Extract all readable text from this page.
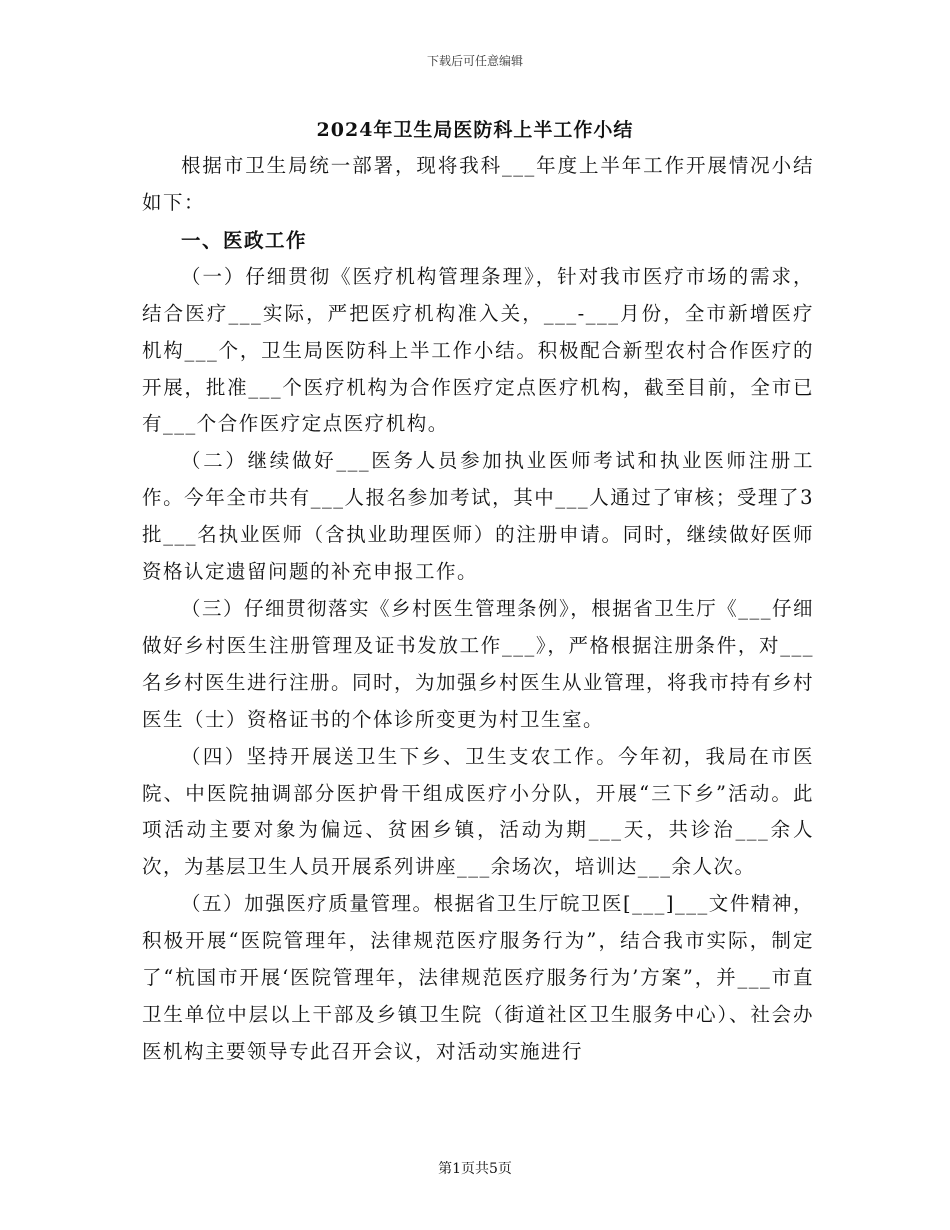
下载后可任意编辑
2024年卫生局医防科上半工作小结

根据市卫生局统一部署，现将我科___年度上半年工作开展情况小结如下：

一、医政工作

（一）仔细贯彻《医疗机构管理条理》，针对我市医疗市场的需求，结合医疗___实际，严把医疗机构准入关，___-___月份，全市新增医疗机构___个，卫生局医防科上半工作小结。积极配合新型农村合作医疗的开展，批准___个医疗机构为合作医疗定点医疗机构，截至目前，全市已有___个合作医疗定点医疗机构。

（二）继续做好___医务人员参加执业医师考试和执业医师注册工作。今年全市共有___人报名参加考试，其中___人通过了审核；受理了3批___名执业医师（含执业助理医师）的注册申请。同时，继续做好医师资格认定遗留问题的补充申报工作。

（三）仔细贯彻落实《乡村医生管理条例》，根据省卫生厅《___仔细做好乡村医生注册管理及证书发放工作___》，严格根据注册条件，对___名乡村医生进行注册。同时，为加强乡村医生从业管理，将我市持有乡村医生（士）资格证书的个体诊所变更为村卫生室。

（四）坚持开展送卫生下乡、卫生支农工作。今年初，我局在市医院、中医院抽调部分医护骨干组成医疗小分队，开展“三下乡”活动。此项活动主要对象为偏远、贫困乡镇，活动为期___天，共诊治___余人次，为基层卫生人员开展系列讲座___余场次，培训达___余人次。

（五）加强医疗质量管理。根据省卫生厅皖卫医[___]___文件精神，积极开展“医院管理年，法律规范医疗服务行为”，结合我市实际，制定了“杭国市开展‘医院管理年，法律规范医疗服务行为’方案”，并___市直卫生单位中层以上干部及乡镇卫生院（街道社区卫生服务中心）、社会办医机构主要领导专此召开会议，对活动实施进行

第1页共5页
